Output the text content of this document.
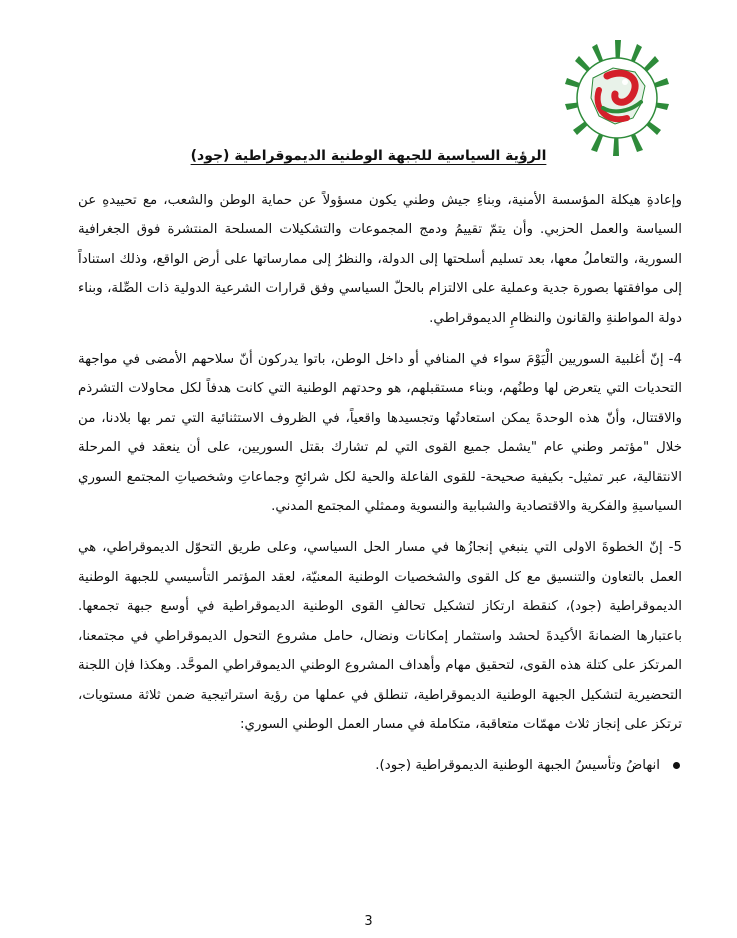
الرؤية السياسية للجبهة الوطنية الديموقراطية (جود)

وإعادةِ هيكلة المؤسسة الأمنية، وبناءِ جيش وطني يكون مسؤولاً عن حماية الوطن والشعب، مع تحييدهِ عن السياسة والعمل الحزبي. وأن يتمّ تقييمُ ودمج المجموعات والتشكيلات المسلحة المنتشرة فوق الجغرافية السورية، والتعاملُ معها، بعد تسليم أسلحتها إلى الدولة، والنظرُ إلى ممارساتها على أرض الواقع، وذلك استناداً إلى موافقتها بصورة جدية وعملية على الالتزام بالحلّ السياسي وفق قرارات الشرعية الدولية ذات الصِّلة، وبناء دولة المواطنةِ والقانون والنظامِ الديموقراطي.

4- إنّ أغلبية السوريين الْيَوْمَ سواء في المنافي أو داخل الوطن، باتوا يدركون أنّ سلاحهم الأمضى في مواجهة التحديات التي يتعرض لها وطنُهم، وبناء مستقبلهم، هو وحدتهم الوطنية التي كانت هدفاً لكل محاولات التشرذم والاقتتال، وأنّ هذه الوحدةَ يمكن استعادتُها وتجسيدها واقعياً، في الظروف الاستثنائية التي تمر بها بلادنا، من خلال "مؤتمر وطني عام "يشمل جميع القوى التي لم تشارك بقتل السوريين، على أن ينعقد في المرحلة الانتقالية، عبر تمثيل- بكيفية صحيحة- للقوى الفاعلة والحية لكل شرائحِ وجماعاتِ وشخصياتِ المجتمع السوري السياسيةِ والفكرية والاقتصادية والشبابية والنسوية وممثلي المجتمع المدني.

5- إنّ الخطوةَ الاولى التي ينبغي إنجازُها في مسار الحل السياسي، وعلى طريق التحوّل الديموقراطي، هي العمل بالتعاون والتنسيق مع كل القوى والشخصيات الوطنية المعنيّة، لعقد المؤتمر التأسيسي للجبهة الوطنية الديموقراطية (جود)، كنقطة ارتكاز لتشكيل تحالفِ القوى الوطنية الديموقراطية في أوسع جبهة تجمعها. باعتبارها الضمانةَ الأكيدةَ لحشد واستثمار إمكانات ونضال، حامل مشروع التحول الديموقراطي في مجتمعنا، المرتكز على كتلة هذه القوى، لتحقيق مهام وأهداف المشروع الوطني الديموقراطي الموحَّد. وهكذا فإن اللجنة التحضيرية لتشكيل الجبهة الوطنية الديموقراطية، تنطلق في عملها من رؤية استراتيجية ضمن ثلاثة مستويات، ترتكز على إنجاز ثلاث مهمّات متعاقبة، متكاملة في مسار العمل الوطني السوري:

انهاضُ وتأسيسُ الجبهة الوطنية الديموقراطية (جود).
3
